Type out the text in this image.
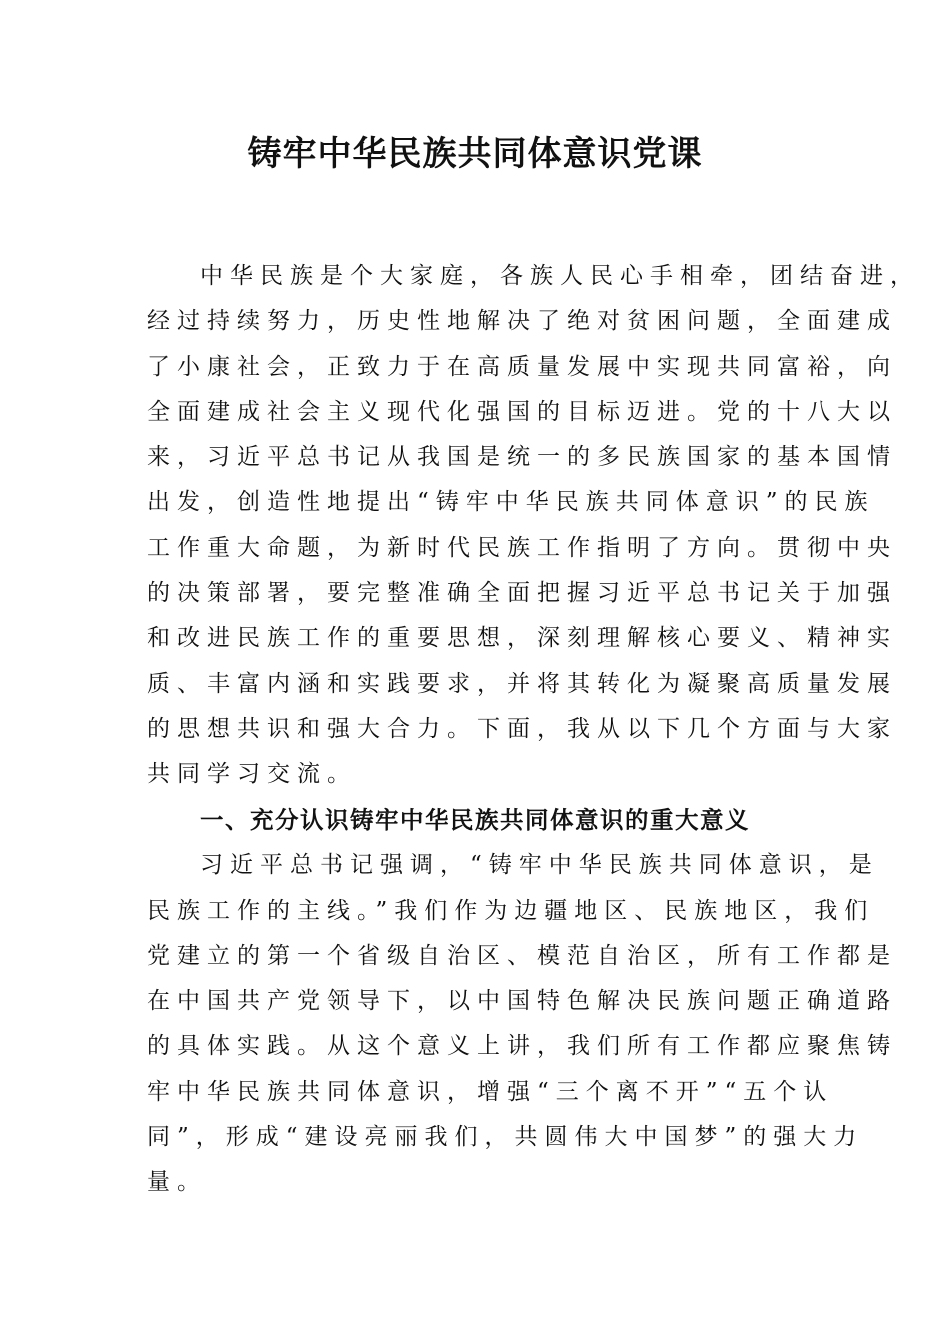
铸牢中华民族共同体意识党课
中华民族是个大家庭，各族人民心手相牵，团结奋进，
经过持续努力，历史性地解决了绝对贫困问题，全面建成
了小康社会，正致力于在高质量发展中实现共同富裕，向
全面建成社会主义现代化强国的目标迈进。党的十八大以
来，习近平总书记从我国是统一的多民族国家的基本国情
出发，创造性地提出“铸牢中华民族共同体意识”的民族
工作重大命题，为新时代民族工作指明了方向。贯彻中央
的决策部署，要完整准确全面把握习近平总书记关于加强
和改进民族工作的重要思想，深刻理解核心要义、精神实
质、丰富内涵和实践要求，并将其转化为凝聚高质量发展
的思想共识和强大合力。下面，我从以下几个方面与大家
共同学习交流。
一、充分认识铸牢中华民族共同体意识的重大意义
习近平总书记强调，“铸牢中华民族共同体意识，是
民族工作的主线。”我们作为边疆地区、民族地区，我们
党建立的第一个省级自治区、模范自治区，所有工作都是
在中国共产党领导下，以中国特色解决民族问题正确道路
的具体实践。从这个意义上讲，我们所有工作都应聚焦铸
牢中华民族共同体意识，增强“三个离不开”“五个认
同”，形成“建设亮丽我们，共圆伟大中国梦”的强大力
量。
